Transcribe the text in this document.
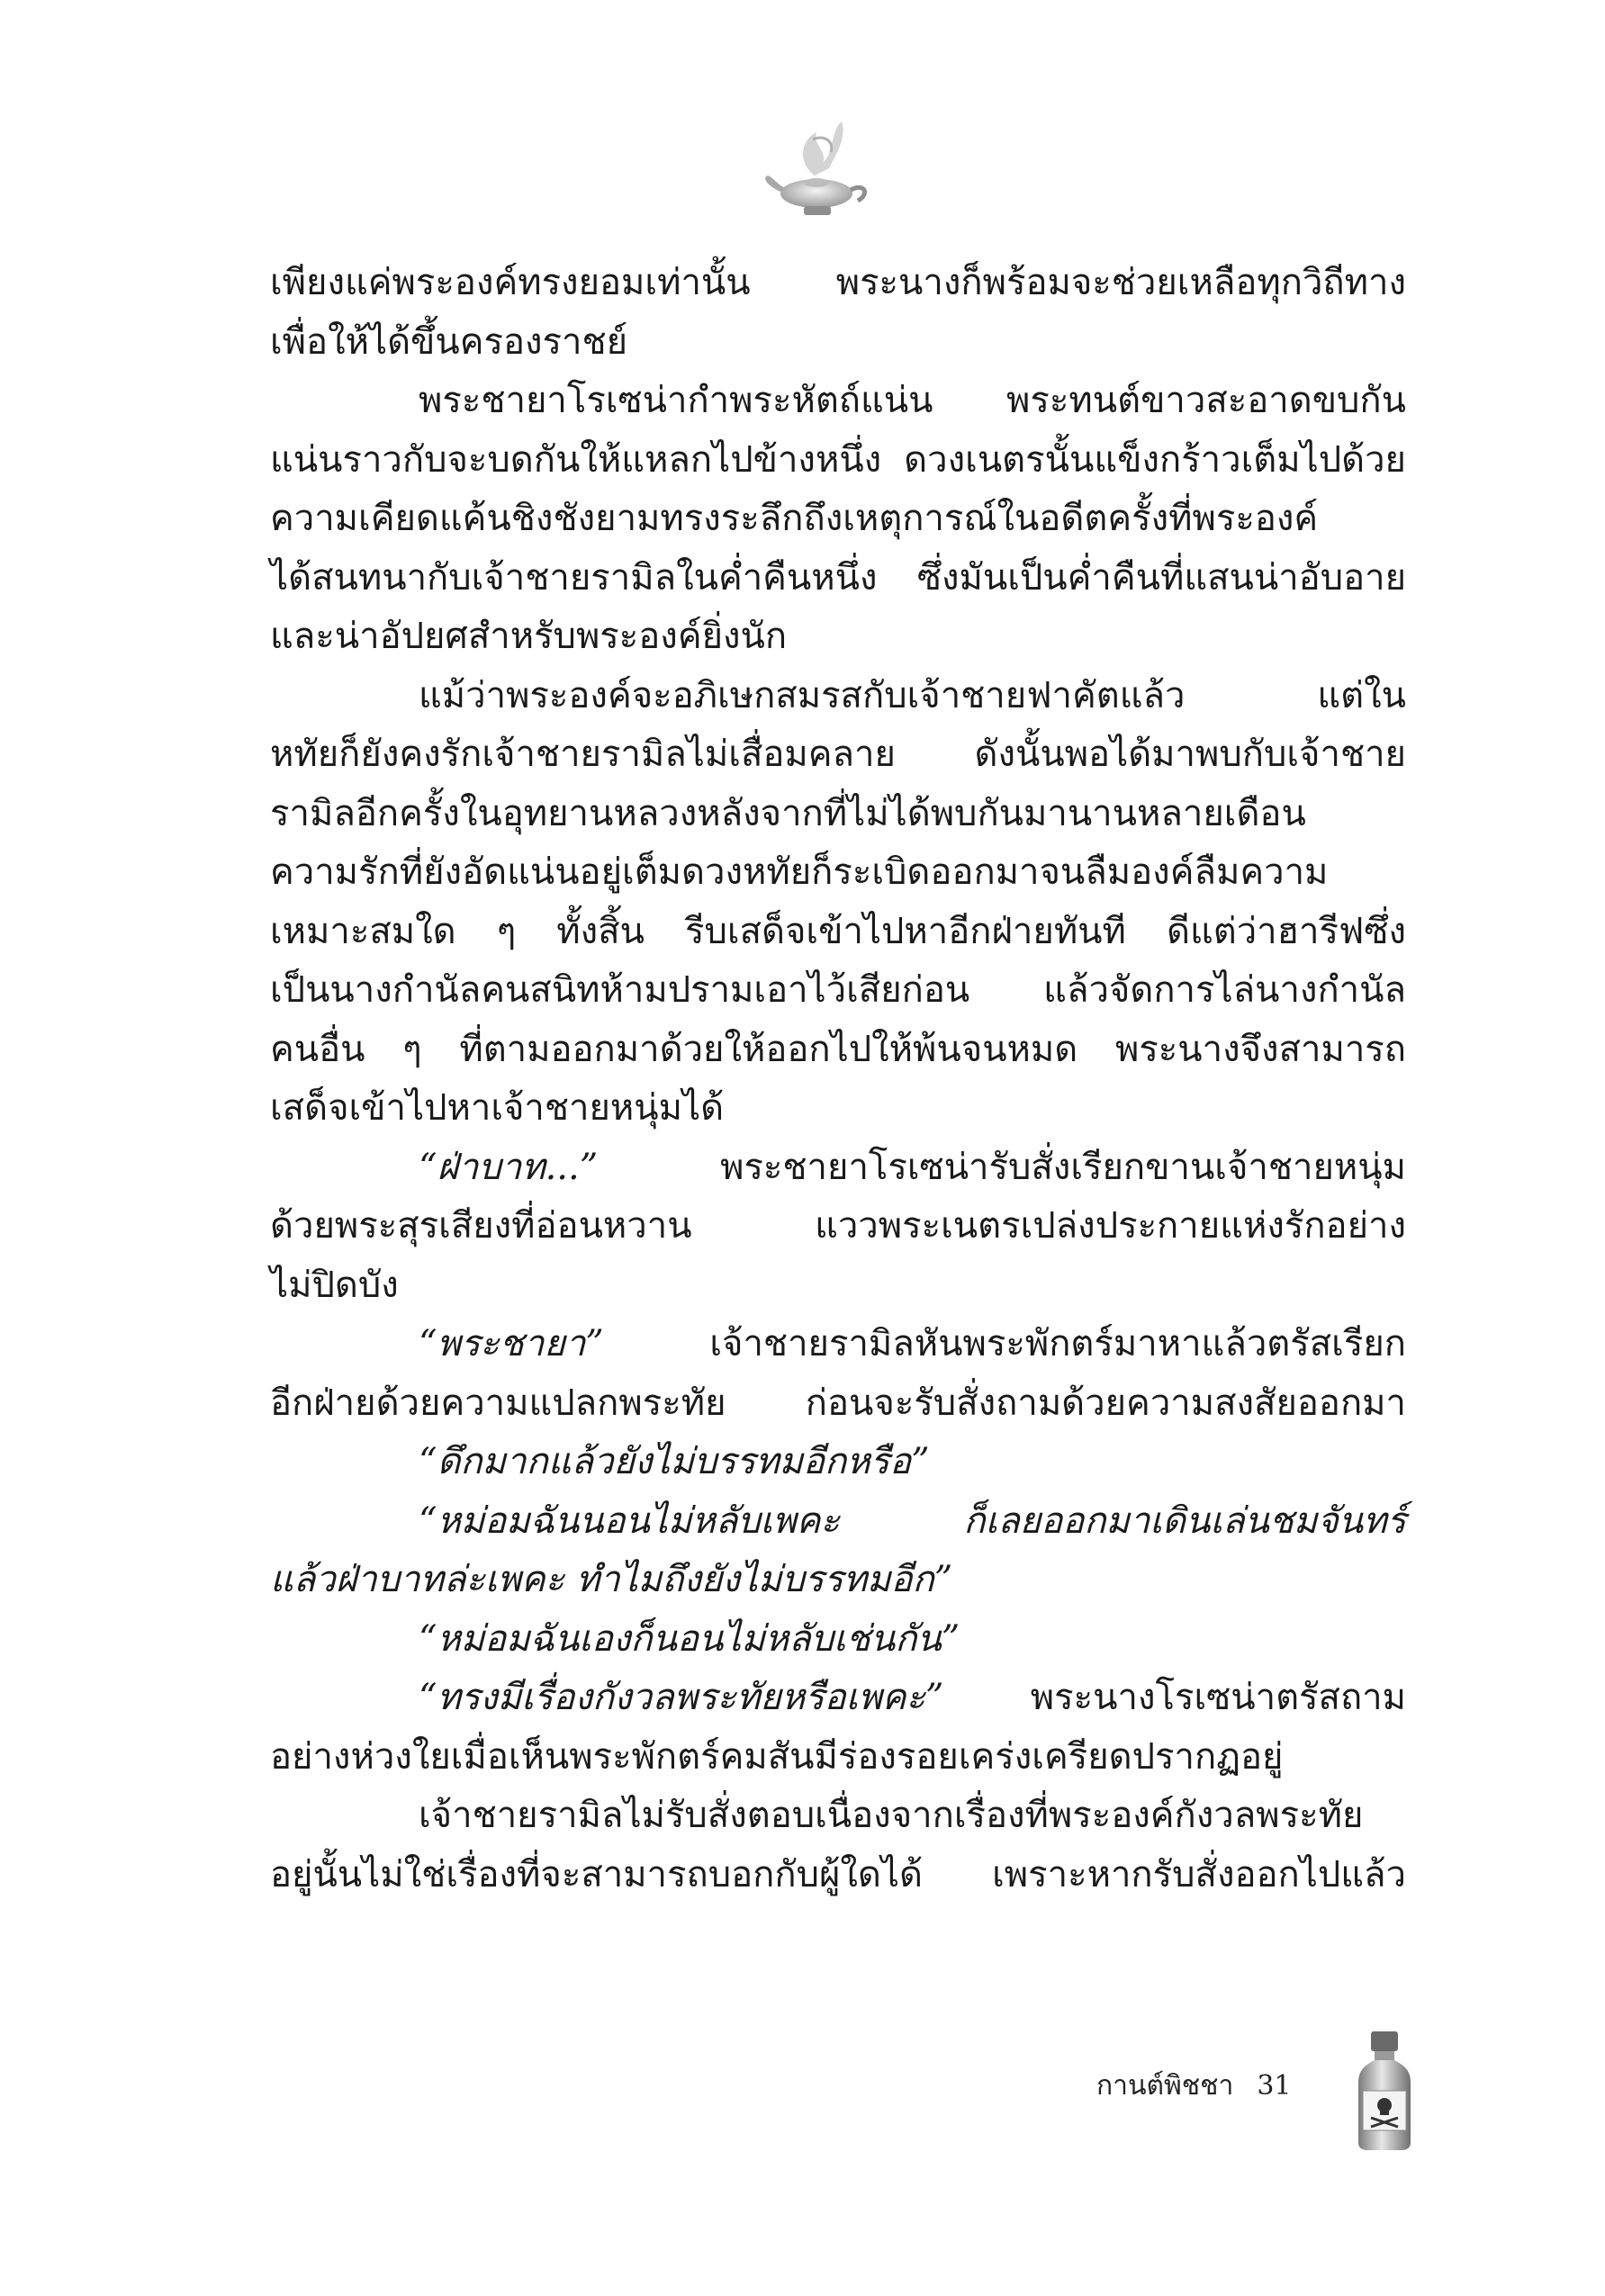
เพียงแค่พระองค์ทรงยอมเท่านั้น พระนางก็พร้อมจะช่วยเหลือทุกวิถีทาง
เพื่อให้ได้ขึ้นครองราชย์
พระชายาโรเซน่ากำพระหัตถ์แน่น พระทนต์ขาวสะอาดขบกัน
แน่นราวกับจะบดกันให้แหลกไปข้างหนึ่ง ดวงเนตรนั้นแข็งกร้าวเต็มไปด้วย
ความเคียดแค้นชิงชังยามทรงระลึกถึงเหตุการณ์ในอดีตครั้งที่พระองค์
ได้สนทนากับเจ้าชายรามิลในค่ำคืนหนึ่ง ซึ่งมันเป็นค่ำคืนที่แสนน่าอับอาย
และน่าอัปยศสำหรับพระองค์ยิ่งนัก
แม้ว่าพระองค์จะอภิเษกสมรสกับเจ้าชายฟาคัตแล้ว แต่ใน
หทัยก็ยังคงรักเจ้าชายรามิลไม่เสื่อมคลาย ดังนั้นพอได้มาพบกับเจ้าชาย
รามิลอีกครั้งในอุทยานหลวงหลังจากที่ไม่ได้พบกันมานานหลายเดือน
ความรักที่ยังอัดแน่นอยู่เต็มดวงหทัยก็ระเบิดออกมาจนลืมองค์ลืมความ
เหมาะสมใด ๆ ทั้งสิ้น รีบเสด็จเข้าไปหาอีกฝ่ายทันที ดีแต่ว่าฮารีฟซึ่ง
เป็นนางกำนัลคนสนิทห้ามปรามเอาไว้เสียก่อน แล้วจัดการไล่นางกำนัล
คนอื่น ๆ ที่ตามออกมาด้วยให้ออกไปให้พ้นจนหมด พระนางจึงสามารถ
เสด็จเข้าไปหาเจ้าชายหนุ่มได้
“ฝ่าบาท...” พระชายาโรเซน่ารับสั่งเรียกขานเจ้าชายหนุ่ม
ด้วยพระสุรเสียงที่อ่อนหวาน แววพระเนตรเปล่งประกายแห่งรักอย่าง
ไม่ปิดบัง
“พระชายา” เจ้าชายรามิลหันพระพักตร์มาหาแล้วตรัสเรียก
อีกฝ่ายด้วยความแปลกพระทัย ก่อนจะรับสั่งถามด้วยความสงสัยออกมา
“ดึกมากแล้วยังไม่บรรทมอีกหรือ”
“หม่อมฉันนอนไม่หลับเพคะ ก็เลยออกมาเดินเล่นชมจันทร์
แล้วฝ่าบาทล่ะเพคะ ทำไมถึงยังไม่บรรทมอีก”
“หม่อมฉันเองก็นอนไม่หลับเช่นกัน”
“ทรงมีเรื่องกังวลพระทัยหรือเพคะ” พระนางโรเซน่าตรัสถาม
อย่างห่วงใยเมื่อเห็นพระพักตร์คมสันมีร่องรอยเคร่งเครียดปรากฏอยู่
เจ้าชายรามิลไม่รับสั่งตอบเนื่องจากเรื่องที่พระองค์กังวลพระทัย
อยู่นั้นไม่ใช่เรื่องที่จะสามารถบอกกับผู้ใดได้ เพราะหากรับสั่งออกไปแล้ว
กานต์พิชชา 31
